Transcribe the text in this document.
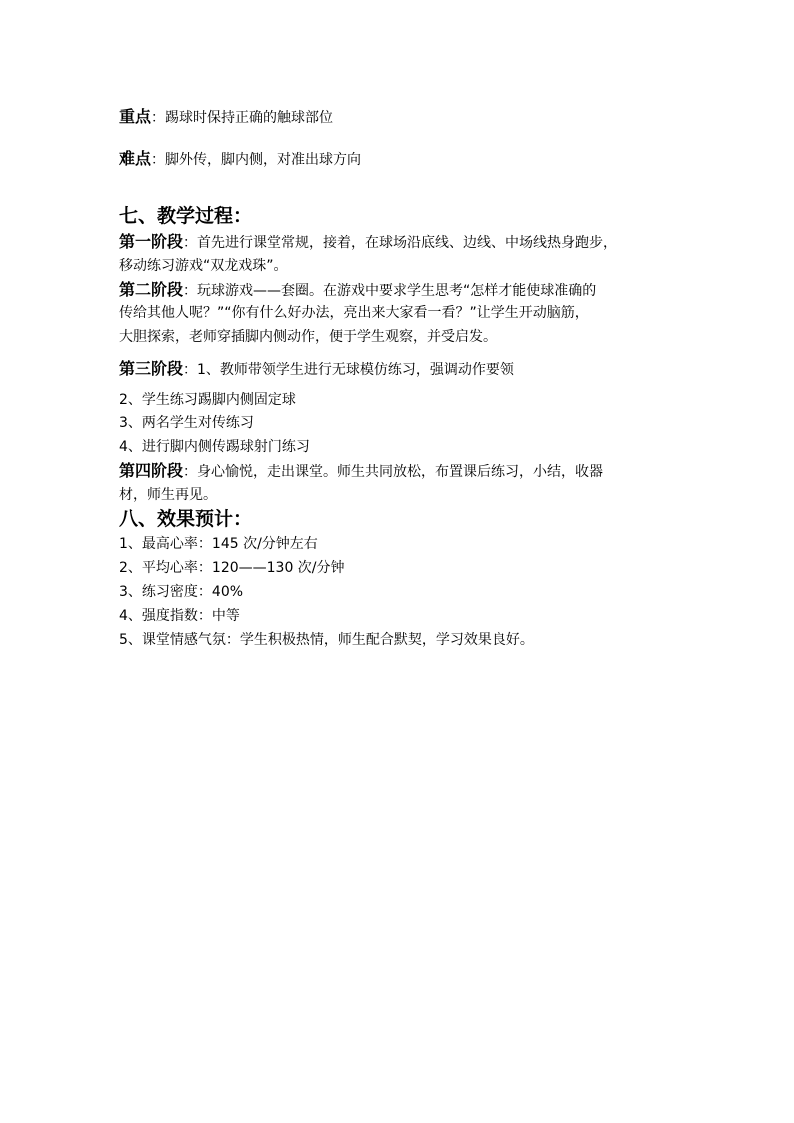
重点：踢球时保持正确的触球部位
难点：脚外传，脚内侧，对准出球方向
七、教学过程：
第一阶段：首先进行课堂常规，接着，在球场沿底线、边线、中场线热身跑步，
移动练习游戏“双龙戏珠”。
第二阶段：玩球游戏——套圈。在游戏中要求学生思考“怎样才能使球准确的
传给其他人呢？”“你有什么好办法，亮出来大家看一看？”让学生开动脑筋，
大胆探索，老师穿插脚内侧动作，便于学生观察，并受启发。
第三阶段：1、教师带领学生进行无球模仿练习，强调动作要领
2、学生练习踢脚内侧固定球
3、两名学生对传练习
4、进行脚内侧传踢球射门练习
第四阶段：身心愉悦，走出课堂。师生共同放松，布置课后练习，小结，收器
材，师生再见。
八、效果预计：
1、最高心率：145 次/分钟左右
2、平均心率：120——130 次/分钟
3、练习密度：40%
4、强度指数：中等
5、课堂情感气氛：学生积极热情，师生配合默契，学习效果良好。
